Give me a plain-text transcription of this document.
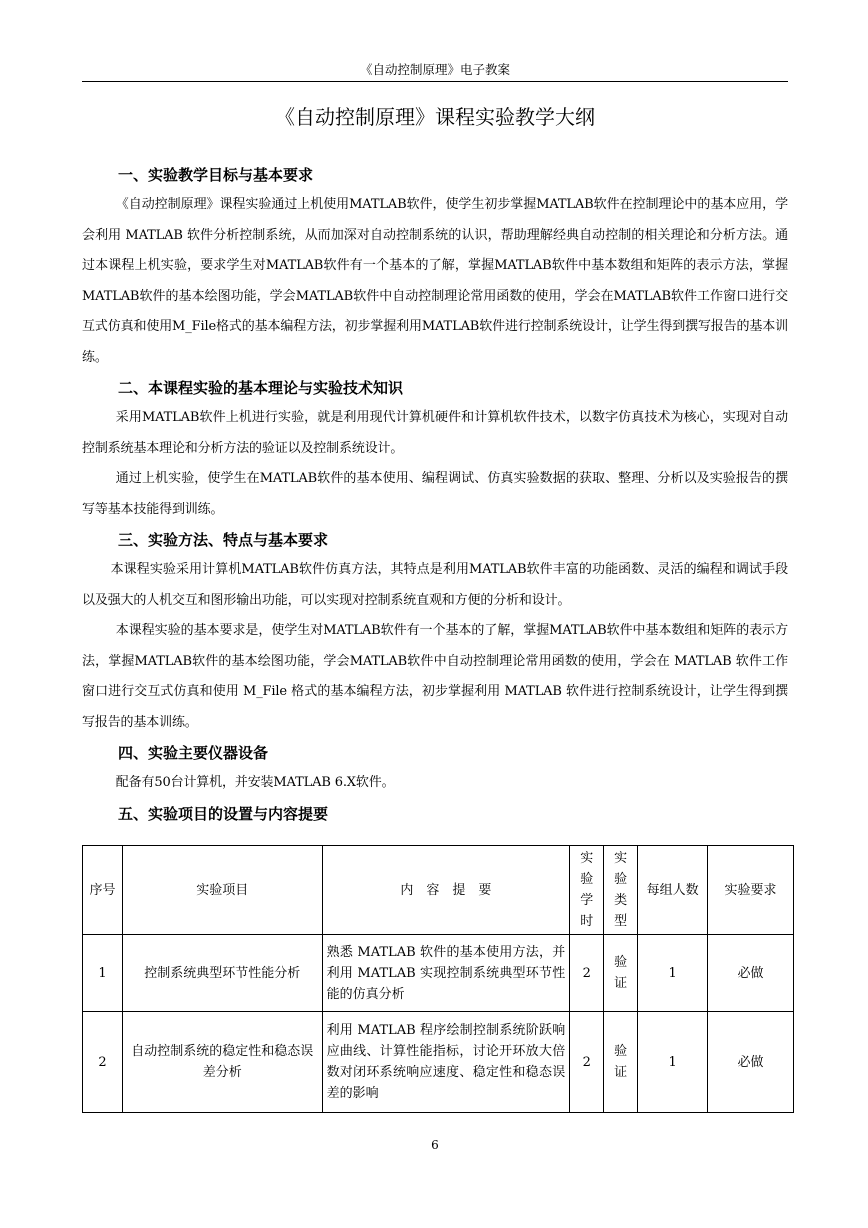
《自动控制原理》电子教案
《自动控制原理》课程实验教学大纲
一、实验教学目标与基本要求

《自动控制原理》课程实验通过上机使用MATLAB软件，使学生初步掌握MATLAB软件在控制理论中的基本应用，学会利用 MATLAB 软件分析控制系统，从而加深对自动控制系统的认识，帮助理解经典自动控制的相关理论和分析方法。通过本课程上机实验，要求学生对MATLAB软件有一个基本的了解，掌握MATLAB软件中基本数组和矩阵的表示方法，掌握MATLAB软件的基本绘图功能，学会MATLAB软件中自动控制理论常用函数的使用，学会在MATLAB软件工作窗口进行交互式仿真和使用M_File格式的基本编程方法，初步掌握利用MATLAB软件进行控制系统设计，让学生得到撰写报告的基本训练。

二、本课程实验的基本理论与实验技术知识

采用MATLAB软件上机进行实验，就是利用现代计算机硬件和计算机软件技术，以数字仿真技术为核心，实现对自动控制系统基本理论和分析方法的验证以及控制系统设计。

通过上机实验，使学生在MATLAB软件的基本使用、编程调试、仿真实验数据的获取、整理、分析以及实验报告的撰写等基本技能得到训练。

三、实验方法、特点与基本要求

本课程实验采用计算机MATLAB软件仿真方法，其特点是利用MATLAB软件丰富的功能函数、灵活的编程和调试手段以及强大的人机交互和图形输出功能，可以实现对控制系统直观和方便的分析和设计。

本课程实验的基本要求是，使学生对MATLAB软件有一个基本的了解，掌握MATLAB软件中基本数组和矩阵的表示方法，掌握MATLAB软件的基本绘图功能，学会MATLAB软件中自动控制理论常用函数的使用，学会在 MATLAB 软件工作窗口进行交互式仿真和使用 M_File 格式的基本编程方法，初步掌握利用 MATLAB 软件进行控制系统设计，让学生得到撰写报告的基本训练。

四、实验主要仪器设备

配备有50台计算机，并安装MATLAB 6.X软件。

五、实验项目的设置与内容提要
序号	实验项目	内　容　提　要	实验学时	实验类型	每组人数	实验要求
1	控制系统典型环节性能分析	熟悉 MATLAB 软件的基本使用方法，并利用 MATLAB 实现控制系统典型环节性能的仿真分析	2	验证	1	必做
2	自动控制系统的稳定性和稳态误差分析	利用 MATLAB 程序绘制控制系统阶跃响应曲线、计算性能指标，讨论开环放大倍数对闭环系统响应速度、稳定性和稳态误差的影响	2	验证	1	必做
6
